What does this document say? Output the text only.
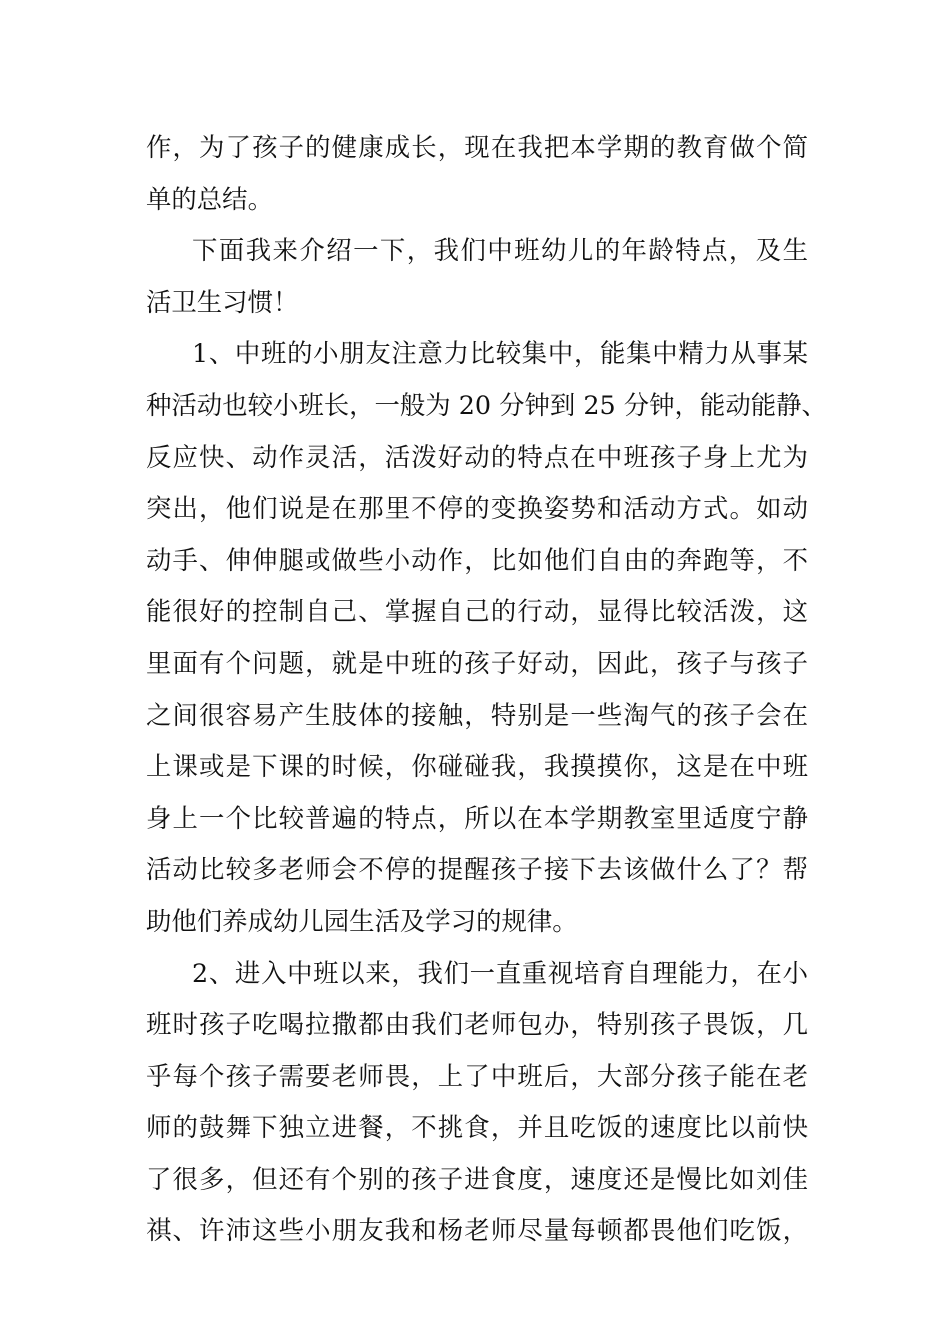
作，为了孩子的健康成长，现在我把本学期的教育做个简
单的总结。
下面我来介绍一下，我们中班幼儿的年龄特点，及生
活卫生习惯！
1、中班的小朋友注意力比较集中，能集中精力从事某
种活动也较小班长，一般为 20 分钟到 25 分钟，能动能静、
反应快、动作灵活，活泼好动的特点在中班孩子身上尤为
突出，他们说是在那里不停的变换姿势和活动方式。如动
动手、伸伸腿或做些小动作，比如他们自由的奔跑等，不
能很好的控制自己、掌握自己的行动，显得比较活泼，这
里面有个问题，就是中班的孩子好动，因此，孩子与孩子
之间很容易产生肢体的接触，特别是一些淘气的孩子会在
上课或是下课的时候，你碰碰我，我摸摸你，这是在中班
身上一个比较普遍的特点，所以在本学期教室里适度宁静
活动比较多老师会不停的提醒孩子接下去该做什么了？帮
助他们养成幼儿园生活及学习的规律。
2、进入中班以来，我们一直重视培育自理能力，在小
班时孩子吃喝拉撒都由我们老师包办，特别孩子畏饭，几
乎每个孩子需要老师畏，上了中班后，大部分孩子能在老
师的鼓舞下独立进餐，不挑食，并且吃饭的速度比以前快
了很多，但还有个别的孩子进食度，速度还是慢比如刘佳
祺、许沛这些小朋友我和杨老师尽量每顿都畏他们吃饭，
